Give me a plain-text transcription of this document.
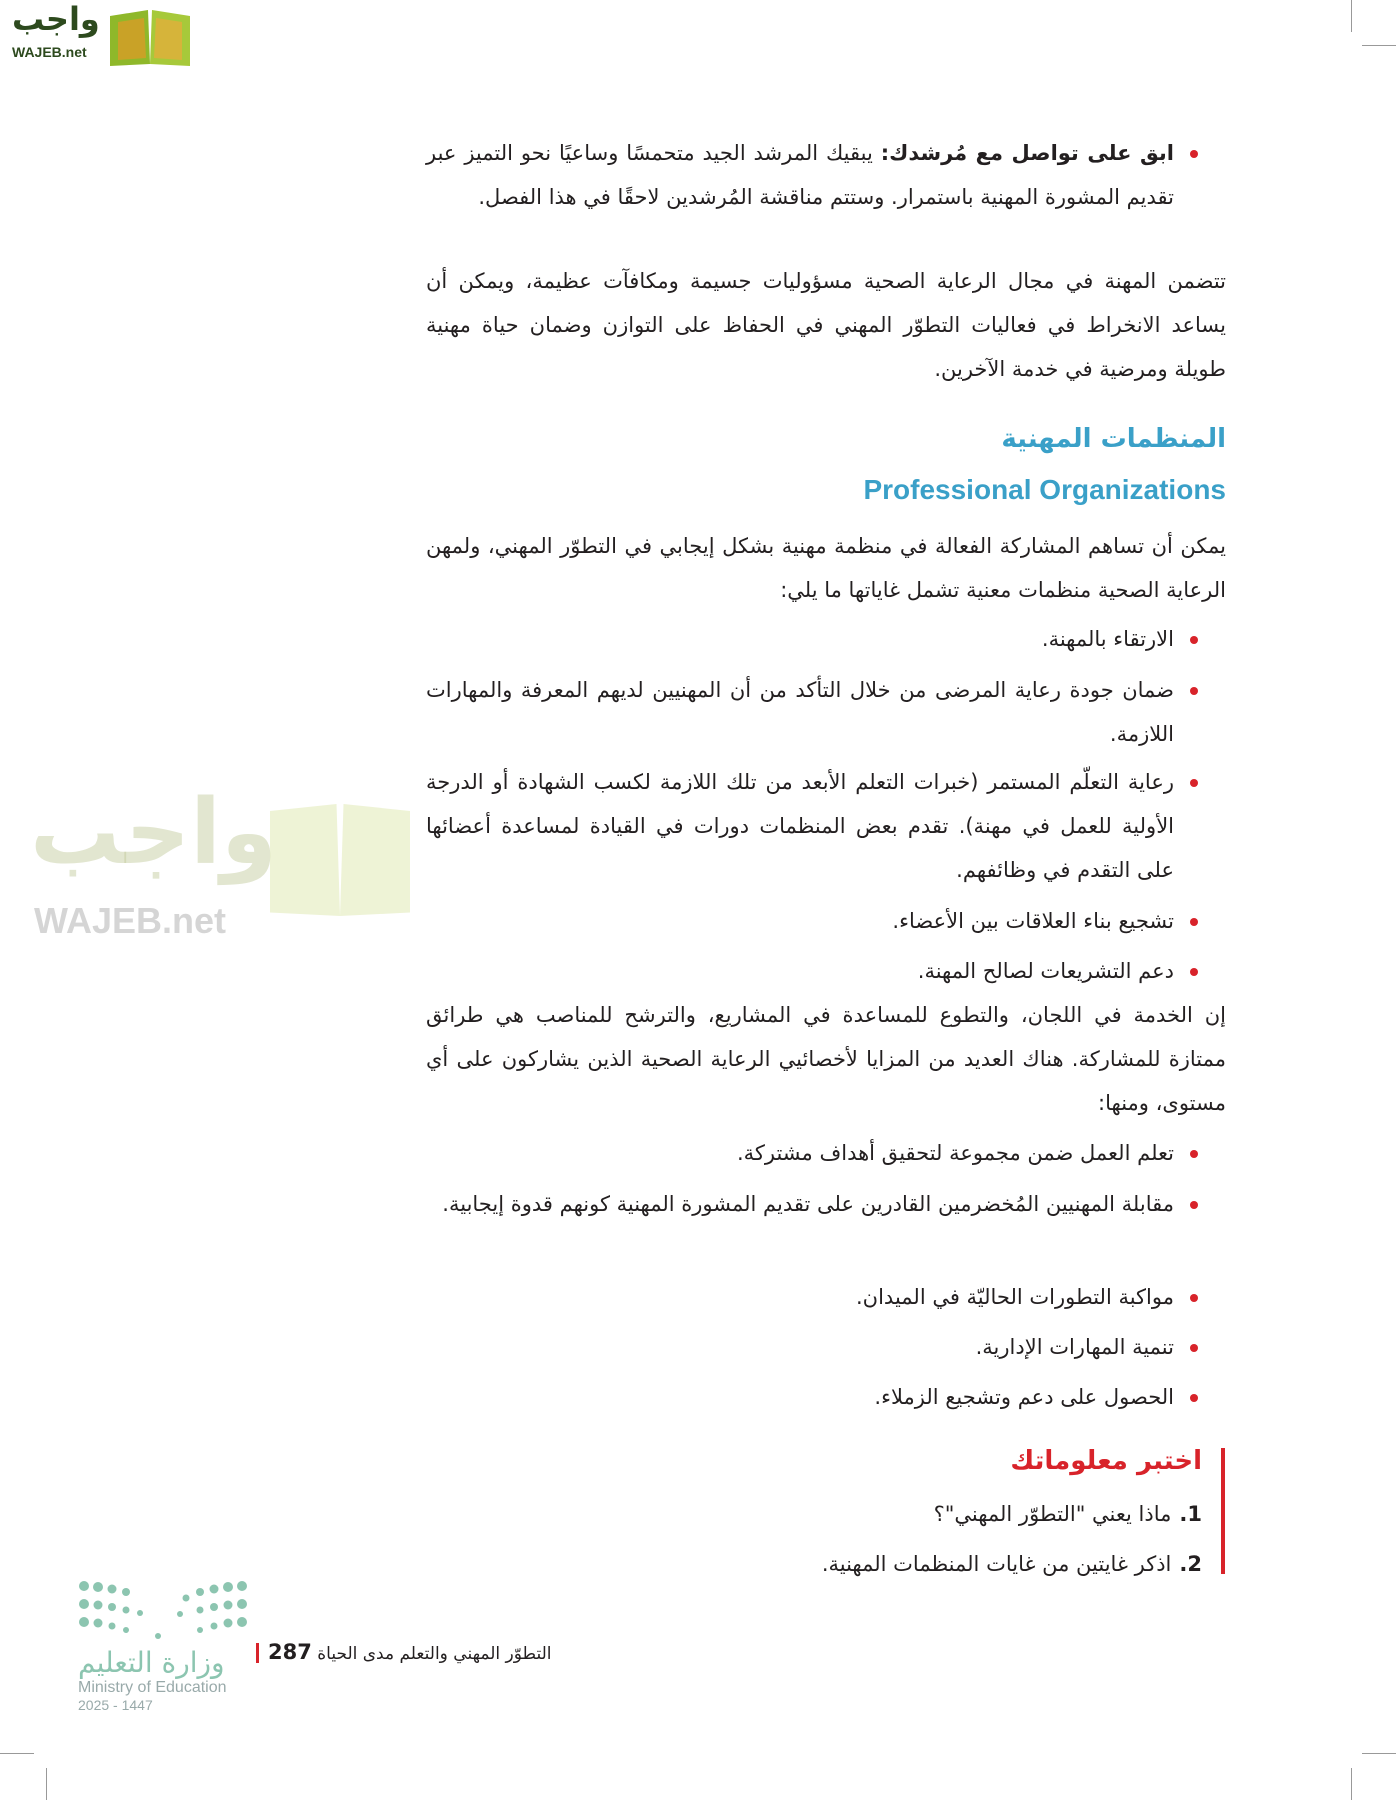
واجب
WAJEB.net
واجب
WAJEB.net
ابق على تواصل مع مُرشدك: يبقيك المرشد الجيد متحمسًا وساعيًا نحو التميز عبر تقديم المشورة المهنية باستمرار. وستتم مناقشة المُرشدين لاحقًا في هذا الفصل.
تتضمن المهنة في مجال الرعاية الصحية مسؤوليات جسيمة ومكافآت عظيمة، ويمكن أن يساعد الانخراط في فعاليات التطوّر المهني في الحفاظ على التوازن وضمان حياة مهنية طويلة ومرضية في خدمة الآخرين.
المنظمات المهنية
Professional Organizations
يمكن أن تساهم المشاركة الفعالة في منظمة مهنية بشكل إيجابي في التطوّر المهني، ولمهن الرعاية الصحية منظمات معنية تشمل غاياتها ما يلي:
الارتقاء بالمهنة.
ضمان جودة رعاية المرضى من خلال التأكد من أن المهنيين لديهم المعرفة والمهارات اللازمة.
رعاية التعلّم المستمر (خبرات التعلم الأبعد من تلك اللازمة لكسب الشهادة أو الدرجة الأولية للعمل في مهنة). تقدم بعض المنظمات دورات في القيادة لمساعدة أعضائها على التقدم في وظائفهم.
تشجيع بناء العلاقات بين الأعضاء.
دعم التشريعات لصالح المهنة.
إن الخدمة في اللجان، والتطوع للمساعدة في المشاريع، والترشح للمناصب هي طرائق ممتازة للمشاركة. هناك العديد من المزايا لأخصائيي الرعاية الصحية الذين يشاركون على أي مستوى، ومنها:
تعلم العمل ضمن مجموعة لتحقيق أهداف مشتركة.
مقابلة المهنيين المُخضرمين القادرين على تقديم المشورة المهنية كونهم قدوة إيجابية.
مواكبة التطورات الحاليّة في الميدان.
تنمية المهارات الإدارية.
الحصول على دعم وتشجيع الزملاء.
اختبر معلوماتك
1.ماذا يعني "التطوّر المهني"؟
2.اذكر غايتين من غايات المنظمات المهنية.
وزارة التعليم
Ministry of Education
2025 - 1447
التطوّر المهني والتعلم مدى الحياة 287
